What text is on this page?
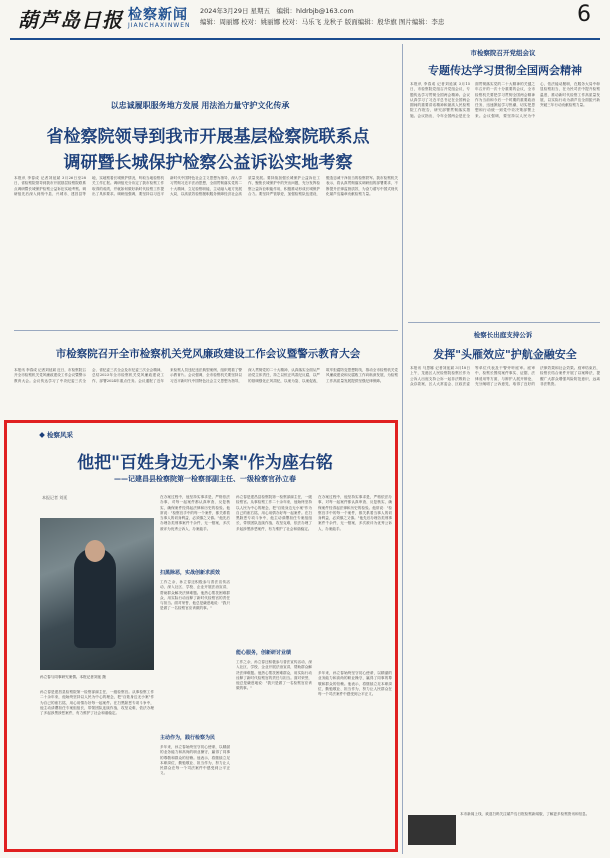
葫芦岛日报 检察新闻
JIANCHAXINWEN
2024年3月29日 星期五　编辑：hldrbjb@163.com
编辑：周丽娜 校对：姚丽娜 校对：马乐飞 龙秋子 版面编辑：殷华旗 图片编辑：李忠	6
以忠诚履职服务地方发展 用法治力量守护文化传承
省检察院领导到我市开展基层检察院联系点
调研暨长城保护检察公益诉讼实地考察
本报讯 李春成 记者刘延斌 3月26日至28日，省检察院领导到我市开展基层检察院联系点调研暨长城保护检察公益诉讼实地考察。调研组先后深入到绥中县、兴城市、建昌县等地，实地察看长城保护情况，听取当地检察机关工作汇报。调研组充分肯定了我市检察工作取得的成绩，并就如何做好新时代检察工作提出了具体要求。调研组强调，要坚持以习近平新时代中国特色社会主义思想为指导，深入学习贯彻习近平法治思想，全面贯彻落实党的二十大精神，立足检察职能，主动融入地方发展大局，以高质效检察履职服务保障经济社会高质量发展。要持续加强长城保护公益诉讼工作，聚焦长城保护中的突出问题，充分发挥检察公益诉讼职能作用，积极推动形成长城保护合力。要坚持严管厚爱，加强检察队伍建设，锻造忠诚干净担当的检察铁军。我市检察机关表示，将认真贯彻落实调研组的部署要求，不断提升法律监督质效，为奋力谱写中国式现代化葫芦岛篇章贡献检察力量。
市检察院召开全市检察机关党风廉政建设工作会议暨警示教育大会
本报讯 李春成 记者刘延斌 近日，市检察院召开全市检察机关党风廉政建设工作会议暨警示教育大会。会议传达学习了中央纪委三次全会、省纪委三次全会及市纪委三次全会精神，总结2023年全市检察机关党风廉政建设工作，部署2024年重点任务。会议通报了近年来检察人员违纪违法典型案例，组织观看了警示教育片。会议强调，全市检察机关要坚持以习近平新时代中国特色社会主义思想为指导，深入贯彻党的二十大精神，认真落实全面从严治党主体责任，持之以恒正风肃纪反腐，以严的基调强化正风肃纪，以案为鉴、以案促改，筑牢拒腐防变思想防线，推动全市检察机关党风廉政建设和反腐败工作向纵深发展，为检察工作高质量发展提供坚强纪律保障。
市检察院召开党组会议
专题传达学习贯彻全国两会精神
本报讯 李春成 记者刘延斌 3月15日，市检察院党组召开党组会议，专题传达学习贯彻全国两会精神。会议认真学习了习近平总书记在全国两会期间的重要讲话精神和最高人民检察院工作报告，研究部署贯彻落实措施。会议指出，今年全国两会是在全面贯彻落实党的二十大精神的关键之年召开的一次十分重要的会议，全市检察机关要把学习贯彻全国两会精神作为当前和今后一个时期的重要政治任务，迅速掀起学习热潮，切实把思想和行动统一到党中央决策部署上来。会议强调，要坚持以人民为中心，依法能动履职，在服务大局中彰显检察担当，在为民司法中提升检察温度，推动新时代检察工作高质量发展，以实际行动为葫芦岛全面振兴新突破三年行动贡献检察力量。
检察长出庭支持公诉
发挥"头雁效应"护航金融安全
本报讯 马思娜 记者刘延斌 3月18日上午，龙港区人民检察院检察长作为公诉人出庭支持公诉一起非法吸收公众存款案，区人大常委会、区政法委等单位代表及干警旁听庭审。庭审中，检察长围绕案件事实、证据、法律适用等方面，与辩护人展开辩论，充分阐明了公诉意见，取得了良好的法律效果和社会效果。庭审结束后，检察长结合案件开展了以案释法，提醒广大群众增强风险防范意识，远离非法集资。
本市新闻上线，欢迎扫码关注葫芦岛日报检察新闻版，了解更多检察资讯和信息。
检察风采
他把"百姓身边无小案"作为座右铭
——记建昌县检察院第一检察部副主任、一级检察官孙立春
本报记者 刘延
孙立春与同事研究案情。本报记者刘延 摄
孙立春是建昌县检察院第一检察部副主任，一级检察官。从事检察工作二十余年来，他始终坚持以人民为中心的理念，把"百姓身边无小案"作为自己的座右铭，用心用情办好每一起案件。在扫黑除恶专项斗争中，他主动请缨担任专案组组长，带领团队连续作战，攻坚克难，依法办理了多起涉黑涉恶案件，有力维护了社会和谐稳定。
在办案过程中，他坚持实事求是，严格依法办事，对每一起案件都认真审查、反复核实，确保案件经得起法律和历史的检验。他常说："检察官手中的每一个案件，都关系着当事人的切身利益，必须慎之又慎。"他先后办理各类刑事案件千余件，无一错案，多次被评为优秀公诉人、办案能手。
扫黑除恶，实战创新求质效
工作之余，孙立春还积极参与普法宣传活动，深入社区、学校、企业开展法治宣讲，帮助群众解决法律难题。他热心帮扶困难群众，用实际行动诠释了新时代检察官的责任与担当。面对荣誉，他总是谦虚地说："我只是做了一名检察官应该做的事。"
主动作为，践行检察为民
多年来，孙立春始终坚守初心使命，以精湛的业务能力和高尚的职业操守，赢得了同事的尊敬和群众的信赖。他表示，将继续立足本职岗位，勤勉敬业、担当作为，努力让人民群众在每一个司法案件中感受到公平正义。
孙立春是建昌县检察院第一检察部副主任，一级检察官。从事检察工作二十余年来，他始终坚持以人民为中心的理念，把"百姓身边无小案"作为自己的座右铭，用心用情办好每一起案件。在扫黑除恶专项斗争中，他主动请缨担任专案组组长，带领团队连续作战，攻坚克难，依法办理了多起涉黑涉恶案件，有力维护了社会和谐稳定。
能心服务，创新研讨业绩
工作之余，孙立春还积极参与普法宣传活动，深入社区、学校、企业开展法治宣讲，帮助群众解决法律难题。他热心帮扶困难群众，用实际行动诠释了新时代检察官的责任与担当。面对荣誉，他总是谦虚地说："我只是做了一名检察官应该做的事。"
在办案过程中，他坚持实事求是，严格依法办事，对每一起案件都认真审查、反复核实，确保案件经得起法律和历史的检验。他常说："检察官手中的每一个案件，都关系着当事人的切身利益，必须慎之又慎。"他先后办理各类刑事案件千余件，无一错案，多次被评为优秀公诉人、办案能手。
多年来，孙立春始终坚守初心使命，以精湛的业务能力和高尚的职业操守，赢得了同事的尊敬和群众的信赖。他表示，将继续立足本职岗位，勤勉敬业、担当作为，努力让人民群众在每一个司法案件中感受到公平正义。
